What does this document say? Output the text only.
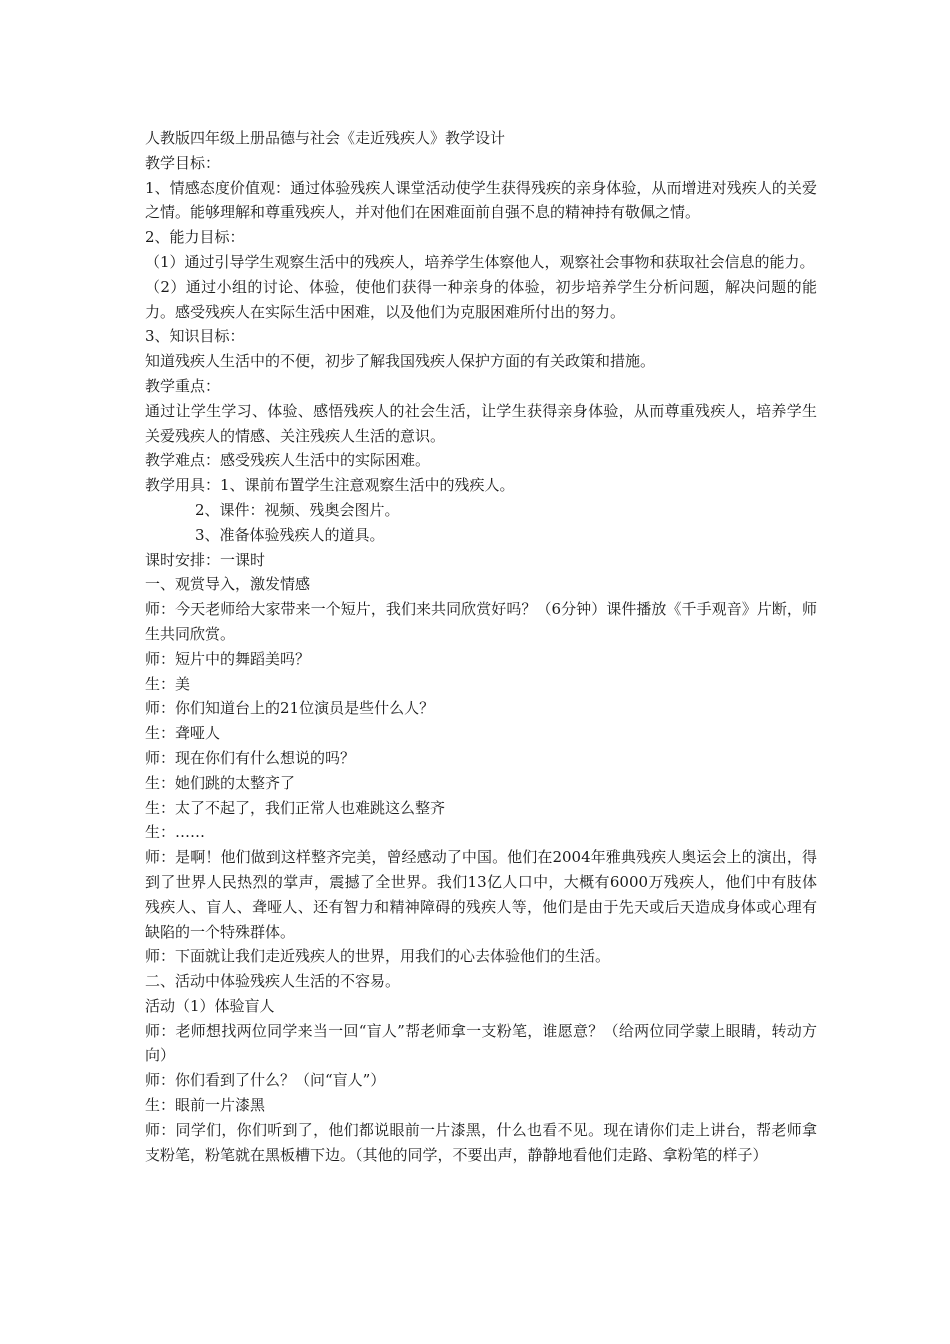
人教版四年级上册品德与社会《走近残疾人》教学设计

教学目标：

1、情感态度价值观：通过体验残疾人课堂活动使学生获得残疾的亲身体验，从而增进对残疾人的关爱之情。能够理解和尊重残疾人，并对他们在困难面前自强不息的精神持有敬佩之情。

2、能力目标：

（1）通过引导学生观察生活中的残疾人，培养学生体察他人，观察社会事物和获取社会信息的能力。

（2）通过小组的讨论、体验，使他们获得一种亲身的体验，初步培养学生分析问题，解决问题的能力。感受残疾人在实际生活中困难，以及他们为克服困难所付出的努力。

3、知识目标：

知道残疾人生活中的不便，初步了解我国残疾人保护方面的有关政策和措施。

教学重点：

通过让学生学习、体验、感悟残疾人的社会生活，让学生获得亲身体验，从而尊重残疾人，培养学生关爱残疾人的情感、关注残疾人生活的意识。

教学难点：感受残疾人生活中的实际困难。

教学用具：1、课前布置学生注意观察生活中的残疾人。

2、课件：视频、残奥会图片。

3、准备体验残疾人的道具。

课时安排：一课时

一、观赏导入，激发情感

师：今天老师给大家带来一个短片，我们来共同欣赏好吗？（6分钟）课件播放《千手观音》片断，师生共同欣赏。

师：短片中的舞蹈美吗？

生：美

师：你们知道台上的21位演员是些什么人？

生：聋哑人

师：现在你们有什么想说的吗？

生：她们跳的太整齐了

生：太了不起了，我们正常人也难跳这么整齐

生：……

师：是啊！他们做到这样整齐完美，曾经感动了中国。他们在2004年雅典残疾人奥运会上的演出，得到了世界人民热烈的掌声，震撼了全世界。我们13亿人口中，大概有6000万残疾人，他们中有肢体残疾人、盲人、聋哑人、还有智力和精神障碍的残疾人等，他们是由于先天或后天造成身体或心理有缺陷的一个特殊群体。

师：下面就让我们走近残疾人的世界，用我们的心去体验他们的生活。

二、活动中体验残疾人生活的不容易。

活动（1）体验盲人

师：老师想找两位同学来当一回“盲人”帮老师拿一支粉笔，谁愿意？（给两位同学蒙上眼睛，转动方向）

师：你们看到了什么？（问“盲人”）

生：眼前一片漆黑

师：同学们，你们听到了，他们都说眼前一片漆黑，什么也看不见。现在请你们走上讲台，帮老师拿支粉笔，粉笔就在黑板槽下边。（其他的同学，不要出声，静静地看他们走路、拿粉笔的样子）
